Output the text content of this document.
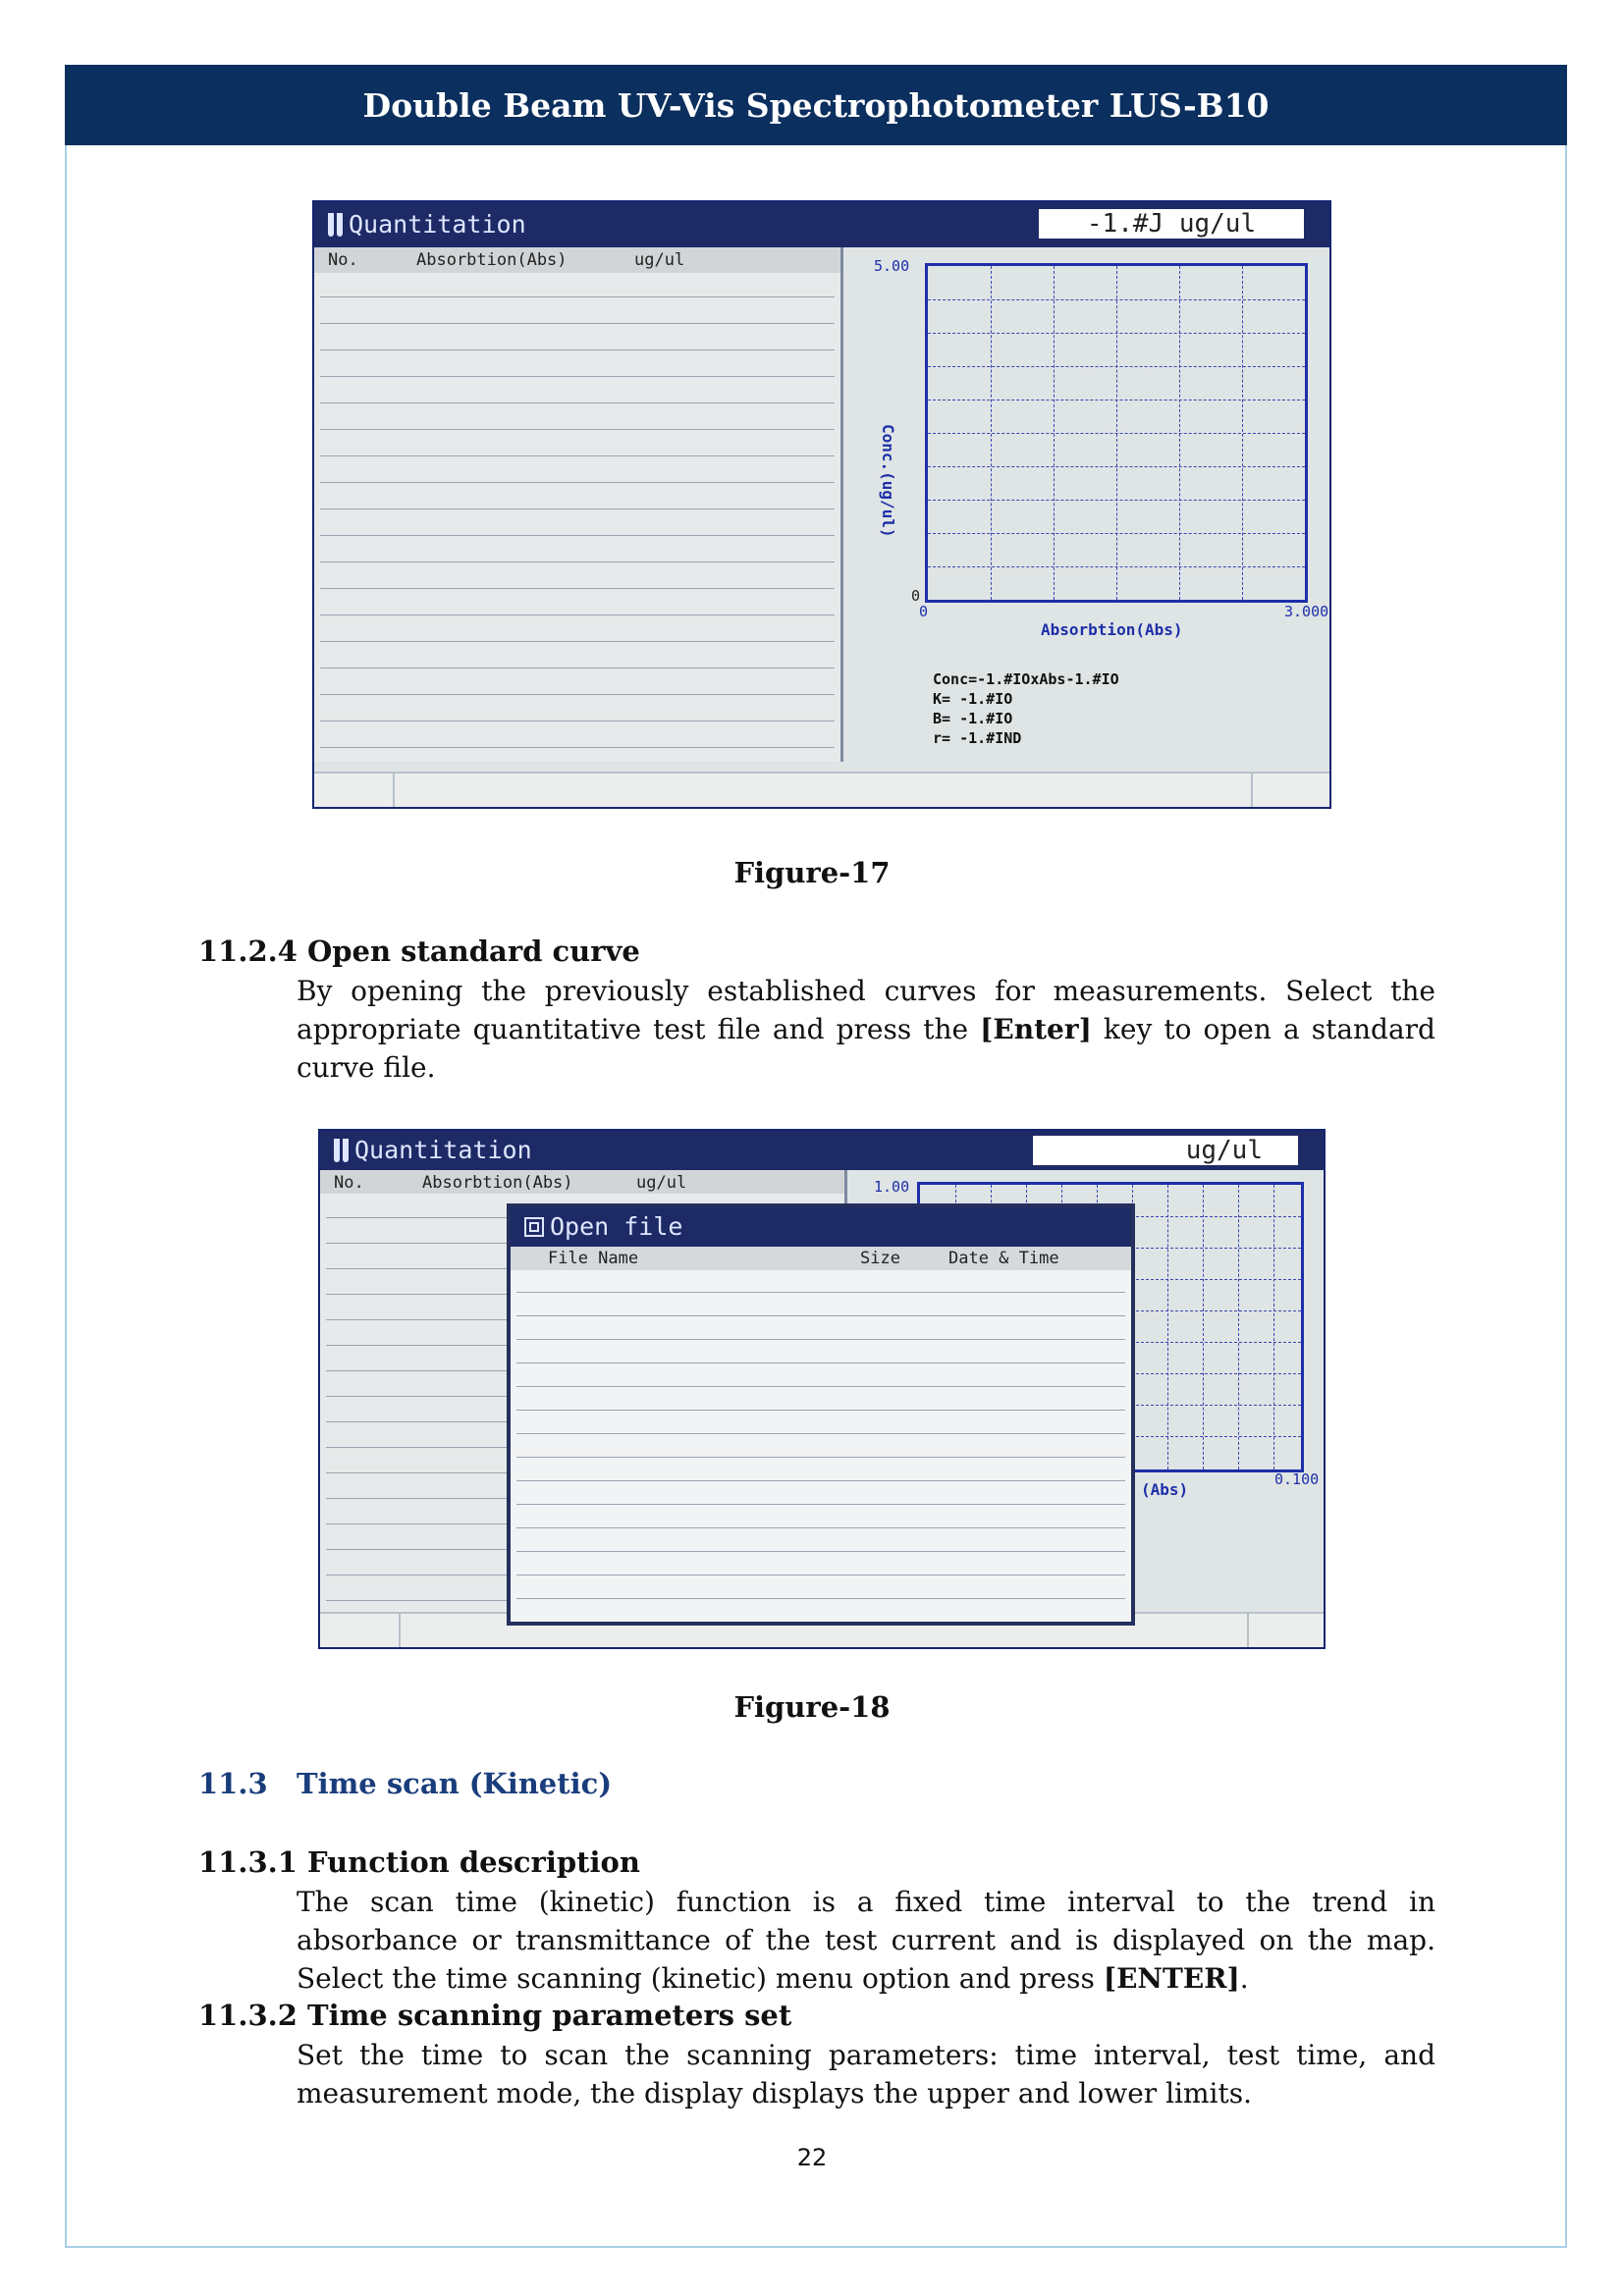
Double Beam UV-Vis Spectrophotometer LUS-B10
Quantitation	-1.#J ug/ul
No.	Absorbtion(Abs)	ug/ul	5.00
Conc.(ug/ul)
0
0	3.000
Absorbtion(Abs)
Conc=-1.#IOxAbs-1.#IO
K= -1.#IO
B= -1.#IO
r= -1.#IND
Figure-17
11.2.4 Open standard curve
By opening the previously established curves for measurements. Select the appropriate quantitative test file and press the [Enter] key to open a standard curve file.
Quantitation	ug/ul
No.	Absorbtion(Abs)	ug/ul	1.00
0.100
(Abs)
Open file
File Name	Size	Date & Time
Figure-18
11.3 Time scan (Kinetic)
11.3.1 Function description
The scan time (kinetic) function is a fixed time interval to the trend in absorbance or transmittance of the test current and is displayed on the map. Select the time scanning (kinetic) menu option and press [ENTER].
11.3.2 Time scanning parameters set
Set the time to scan the scanning parameters: time interval, test time, and measurement mode, the display displays the upper and lower limits.
22
